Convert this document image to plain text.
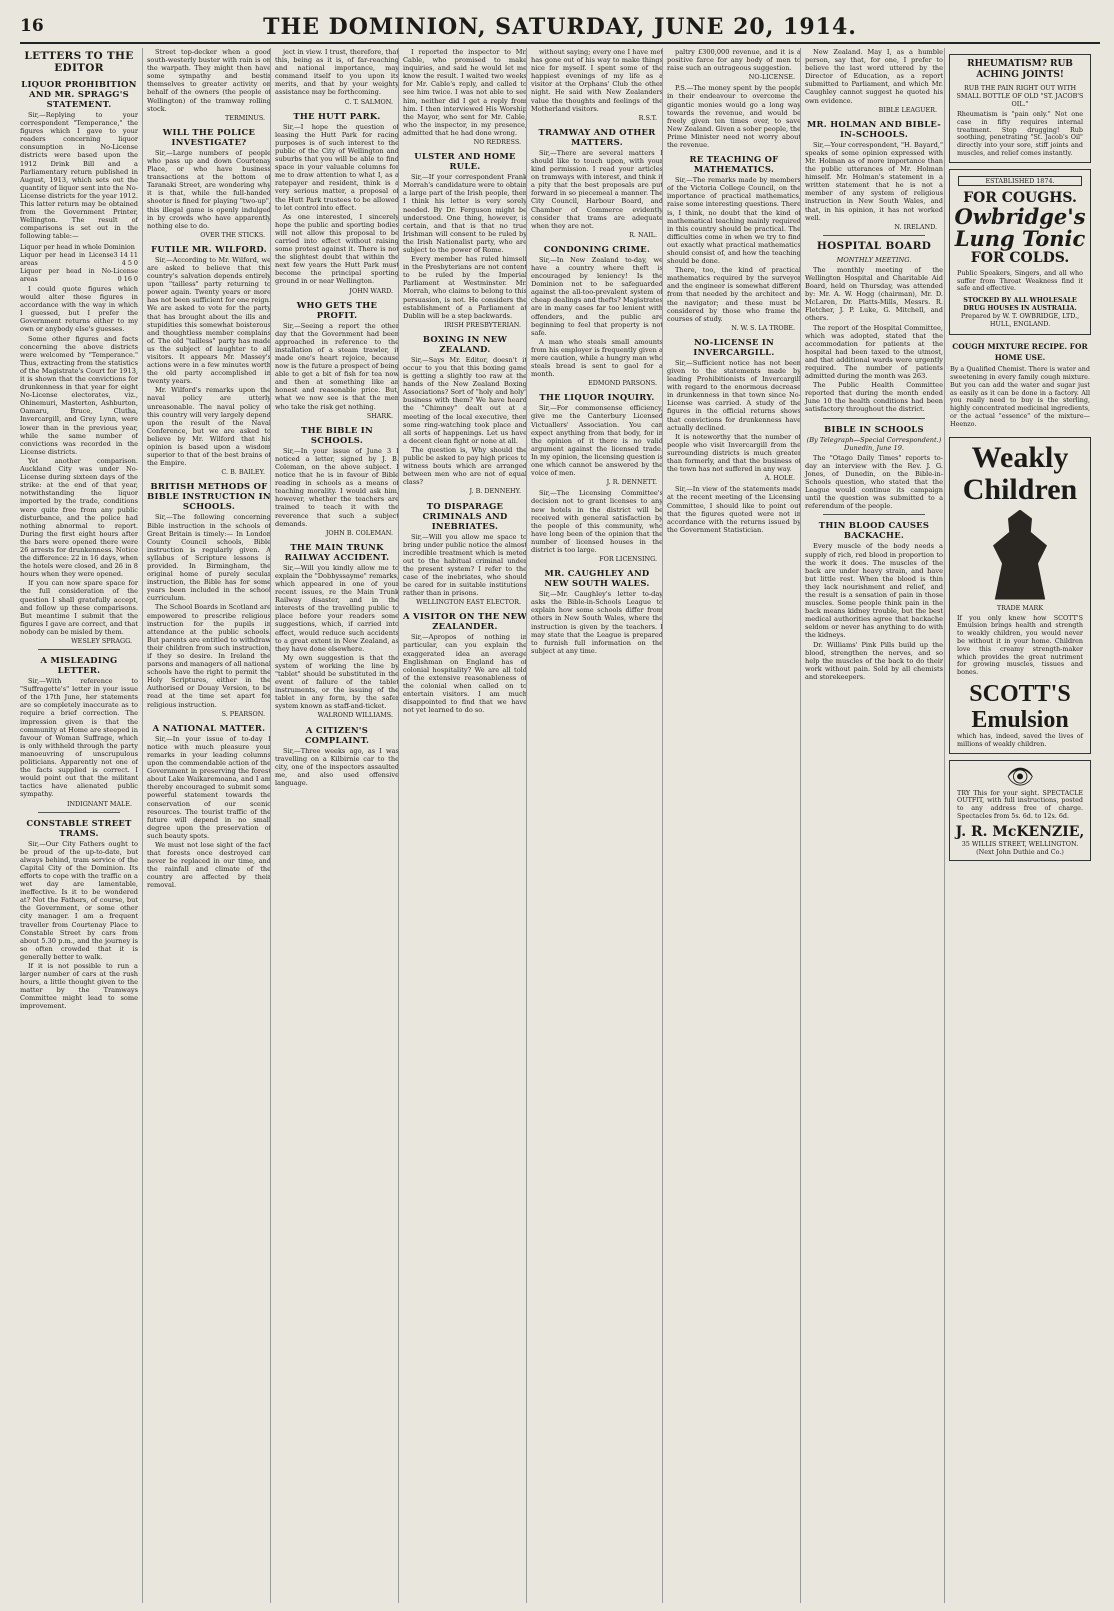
16	THE DOMINION, SATURDAY, JUNE 20, 1914.
LETTERS TO THE EDITOR
LIQUOR PROHIBITION AND MR. SPRAGG'S STATEMENT.

Sir,—Replying to your correspondent "Temperance," the figures which I gave to your readers concerning liquor consumption in No-License districts were based upon the 1912 Drink Bill and a Parliamentary return published in August, 1913, which sets out the quantity of liquor sent into the No-License districts for the year 1912. This latter return may be obtained from the Government Printer, Wellington. The result of comparisons is set out in the following table:—

Liquor per head in whole Dominion
3 14 11
Liquor per head in License areas	4 5 0
Liquor per head in No-License areas	0 16 0

I could quote figures which would alter these figures in accordance with the way in which I guessed, but I prefer the Government returns either to my own or anybody else's guesses.

Some other figures and facts concerning the above districts were welcomed by "Temperance." Thus, extracting from the statistics of the Magistrate's Court for 1913, it is shown that the convictions for drunkenness in that year for eight No-License electorates, viz., Ohinemuri, Masterton, Ashburton, Oamaru, Bruce, Clutha, Invercargill, and Grey Lynn, were lower than in the previous year, while the same number of convictions was recorded in the License districts.

Yet another comparison. Auckland City was under No-License during sixteen days of the strike: at the end of that year, notwithstanding the liquor imported by the trade, conditions were quite free from any public disturbance, and the police had nothing abnormal to report. During the first eight hours after the bars were opened there were 26 arrests for drunkenness. Notice the difference: 22 in 16 days, when the hotels were closed, and 26 in 8 hours when they were opened.

If you can now spare space for the full consideration of the question I shall gratefully accept, and follow up these comparisons. But meantime I submit that the figures I gave are correct, and that nobody can be misled by them.

WESLEY SPRAGG.
A MISLEADING LETTER.

Sir,—With reference to "Suffragette's" letter in your issue of the 17th June, her statements are so completely inaccurate as to require a brief correction. The impression given is that the community at Home are steeped in favour of Woman Suffrage, which is only withheld through the party manoeuvring of unscrupulous politicians. Apparently not one of the facts supplied is correct. I would point out that the militant tactics have alienated public sympathy.

INDIGNANT MALE.
CONSTABLE STREET TRAMS.

Sir,—Our City Fathers ought to be proud of the up-to-date, but always behind, tram service of the Capital City of the Dominion. Its efforts to cope with the traffic on a wet day are lamentable, ineffective. Is it to be wondered at? Not the Fathers, of course, but the Government, or some other city manager. I am a frequent traveller from Courtenay Place to Constable Street by cars from about 5.30 p.m., and the journey is so often crowded that it is generally better to walk.

If it is not possible to run a larger number of cars at the rush hours, a little thought given to the matter by the Tramways Committee might lead to some improvement.

Street top-decker when a good south-westerly buster with rain is on the warpath. They might then have some sympathy and bestir themselves to greater activity on behalf of the owners (the people of Wellington) of the tramway rolling stock.

TERMINUS.
WILL THE POLICE INVESTIGATE?

Sir,—Large numbers of people who pass up and down Courtenay Place, or who have business transactions at the bottom of Taranaki Street, are wondering why it is that, while the full-handed shooter is fined for playing "two-up", this illegal game is openly indulged in by crowds who have apparently nothing else to do.

OVER THE STICKS.
FUTILE MR. WILFORD.

Sir,—According to Mr. Wilford, we are asked to believe that this country's salvation depends entirely upon "tailless" party returning to power again. Twenty years or more has not been sufficient for one reign. We are asked to vote for the party that has brought about the ills and stupidities this somewhat boisterous and thoughtless member complains of. The old "tailless" party has made us the subject of laughter to all visitors. It appears Mr. Massey's actions were in a few minutes worth the old party accomplished in twenty years.

Mr. Wilford's remarks upon the naval policy are utterly unreasonable. The naval policy of this country will very largely depend upon the result of the Naval Conference, but we are asked to believe by Mr. Wilford that his opinion is based upon a wisdom superior to that of the best brains of the Empire.

C. B. BAILEY.
BRITISH METHODS OF BIBLE INSTRUCTION IN SCHOOLS.

Sir,—The following concerning Bible instruction in the schools of Great Britain is timely:— In London County Council schools, Bible instruction is regularly given. A syllabus of Scripture lessons is provided. In Birmingham, the original home of purely secular instruction, the Bible has for some years been included in the school curriculum.

The School Boards in Scotland are empowered to prescribe religious instruction for the pupils in attendance at the public schools. But parents are entitled to withdraw their children from such instruction, if they so desire. In Ireland the parsons and managers of all national schools have the right to permit the Holy Scriptures, either in the Authorised or Douay Version, to be read at the time set apart for religious instruction.

S. PEARSON.
A NATIONAL MATTER.

Sir,—In your issue of to-day I notice with much pleasure your remarks in your leading columns upon the commendable action of the Government in preserving the forest about Lake Waikaremoana, and I am thereby encouraged to submit some powerful statement towards the conservation of our scenic resources. The tourist traffic of the future will depend in no small degree upon the preservation of such beauty spots.

We must not lose sight of the fact that forests once destroyed can never be replaced in our time, and the rainfall and climate of the country are affected by their removal.

ject in view. I trust, therefore, that this, being as it is, of far-reaching and national importance, may command itself to you upon its merits, and that by your weighty assistance may be forthcoming.

C. T. SALMON.
THE HUTT PARK.

Sir,—I hope the question of leasing the Hutt Park for racing purposes is of such interest to the public of the City of Wellington and suburbs that you will be able to find space in your valuable columns for me to draw attention to what I, as a ratepayer and resident, think is a very serious matter, a proposal of the Hutt Park trustees to be allowed to let control into effect.

As one interested, I sincerely hope the public and sporting bodies will not allow this proposal to be carried into effect without raising some protest against it. There is not the slightest doubt that within the next few years the Hutt Park must become the principal sporting ground in or near Wellington.

JOHN WARD.
WHO GETS THE PROFIT.

Sir,—Seeing a report the other day that the Government had been approached in reference to the installation of a steam trawler, it made one's heart rejoice, because now is the future a prospect of being able to get a bit of fish for tea now and then at something like an honest and reasonable price. But, what we now see is that the men who take the risk get nothing.

SHARK.
THE BIBLE IN SCHOOLS.

Sir,—In your issue of June 3 I noticed a letter, signed by J. B. Coleman, on the above subject. I notice that he is in favour of Bible reading in schools as a means of teaching morality. I would ask him, however, whether the teachers are trained to teach it with the reverence that such a subject demands.

JOHN B. COLEMAN.
THE MAIN TRUNK RAILWAY ACCIDENT.

Sir,—Will you kindly allow me to explain the "Dobbyssayme" remarks, which appeared in one of your recent issues, re the Main Trunk Railway disaster, and in the interests of the travelling public to place before your readers some suggestions, which, if carried into effect, would reduce such accidents to a great extent in New Zealand, as they have done elsewhere.

My own suggestion is that the system of working the line by "tablet" should be substituted in the event of failure of the tablet instruments, or the issuing of the tablet in any form, by the safer system known as staff-and-ticket.

WALROND WILLIAMS.
A CITIZEN'S COMPLAINT.

Sir,—Three weeks ago, as I was travelling on a Kilbirnie car to the city, one of the inspectors assaulted me, and also used offensive language.

I reported the inspector to Mr. Cable, who promised to make inquiries, and said he would let me know the result. I waited two weeks for Mr. Cable's reply, and called to see him twice. I was not able to see him, neither did I get a reply from him. I then interviewed His Worship the Mayor, who sent for Mr. Cable, who the inspector, in my presence, admitted that he had done wrong.

NO REDRESS.
ULSTER AND HOME RULE.

Sir,—If your correspondent Frank Morrah's candidature were to obtain a large part of the Irish people, then I think his letter is very sorely needed. By Dr. Ferguson might be understood. One thing, however, is certain, and that is that no true Irishman will consent to be ruled by the Irish Nationalist party, who are subject to the power of Rome.

Every member has ruled himself in the Presbyterians are not content to be ruled by the Imperial Parliament at Westminster. Mr. Morrah, who claims to belong to this persuasion, is not. He considers the establishment of a Parliament at Dublin will be a step backwards.

IRISH PRESBYTERIAN.
BOXING IN NEW ZEALAND.

Sir,—Says Mr. Editor, doesn't it occur to you that this boxing game is getting a slightly too raw at the hands of the New Zealand Boxing Associations? Sort of "holy and holy" business with them? We have heard the "Chimney" dealt out at a meeting of the local executive, then some ring-watching took place and all sorts of happenings. Let us have a decent clean fight or none at all.

The question is, Why should the public be asked to pay high prices to witness bouts which are arranged between men who are not of equal class?

J. B. DENNEHY.
TO DISPARAGE CRIMINALS AND INEBRIATES.

Sir,—Will you allow me space to bring under public notice the almost incredible treatment which is meted out to the habitual criminal under the present system? I refer to the case of the inebriates, who should be cared for in suitable institutions rather than in prisons.

WELLINGTON EAST ELECTOR.
A VISITOR ON THE NEW ZEALANDER.

Sir,—Apropos of nothing in particular, can you explain the exaggerated idea an average Englishman on England has of colonial hospitality? We are all told of the extensive reasonableness of the colonial when called on to entertain visitors. I am much disappointed to find that we have not yet learned to do so.

without saying; every one I have met has gone out of his way to make things nice for myself. I spent some of the happiest evenings of my life as a visitor at the Orphans' Club the other night. He said with New Zealanders value the thoughts and feelings of the Motherland visitors.

R.S.T.
TRAMWAY AND OTHER MATTERS.

Sir,—There are several matters I should like to touch upon, with your kind permission. I read your articles on tramways with interest, and think it a pity that the best proposals are put forward in so piecemeal a manner. The City Council, Harbour Board, and Chamber of Commerce evidently consider that trams are adequate when they are not.

R. NAIL.
CONDONING CRIME.

Sir,—In New Zealand to-day, we have a country where theft is encouraged by leniency! Is the Dominion not to be safeguarded against the all-too-prevalent system of cheap dealings and thefts? Magistrates are in many cases far too lenient with offenders, and the public are beginning to feel that property is not safe.

A man who steals small amounts from his employer is frequently given a mere caution, while a hungry man who steals bread is sent to gaol for a month.

EDMOND PARSONS.
THE LIQUOR INQUIRY.

Sir,—For commonsense efficiency, give me the Canterbury Licensed Victuallers' Association. You can expect anything from that body, for in the opinion of it there is no valid argument against the licensed trade. In my opinion, the licensing question is one which cannot be answered by the voice of men.

J. R. DENNETT.

Sir,—The Licensing Committee's decision not to grant licenses to any new hotels in the district will be received with general satisfaction by the people of this community, who have long been of the opinion that the number of licensed houses in the district is too large.

FOR LICENSING.
MR. CAUGHLEY AND NEW SOUTH WALES.

Sir,—Mr. Caughley's letter to-day asks the Bible-in-Schools League to explain how some schools differ from others in New South Wales, where the instruction is given by the teachers. I may state that the League is prepared to furnish full information on the subject at any time.

paltry £300,000 revenue, and it is a positive farce for any body of men to raise such an outrageous suggestion.

NO-LICENSE.

P.S.—The money spent by the people in their endeavour to overcome the gigantic monies would go a long way towards the revenue, and would be freely given ten times over, to save New Zealand. Given a sober people, the Prime Minister need not worry about the revenue.

RE TEACHING OF MATHEMATICS.

Sir,—The remarks made by members of the Victoria College Council, on the importance of practical mathematics, raise some interesting questions. There is, I think, no doubt that the kind of mathematical teaching mainly required in this country should be practical. The difficulties come in when we try to find out exactly what practical mathematics should consist of, and how the teaching should be done.

There, too, the kind of practical mathematics required by the surveyor and the engineer is somewhat different from that needed by the architect and the navigator; and these must be considered by those who frame the courses of study.

N. W. S. LA TROBE.
NO-LICENSE IN INVERCARGILL.

Sir,—Sufficient notice has not been given to the statements made by leading Prohibitionists of Invercargill with regard to the enormous decrease in drunkenness in that town since No-License was carried. A study of the figures in the official returns shows that convictions for drunkenness have actually declined.

It is noteworthy that the number of people who visit Invercargill from the surrounding districts is much greater than formerly, and that the business of the town has not suffered in any way.

A. HOLE.

Sir,—In view of the statements made at the recent meeting of the Licensing Committee, I should like to point out that the figures quoted were not in accordance with the returns issued by the Government Statistician.

New Zealand. May I, as a humble person, say that, for one, I prefer to believe the last word uttered by the Director of Education, as a report submitted to Parliament, and which Mr. Caughley cannot suggest he quoted his own evidence.

BIBLE LEAGUER.
MR. HOLMAN AND BIBLE-IN-SCHOOLS.

Sir,—Your correspondent, "H. Bayard," speaks of some opinion expressed with Mr. Holman as of more importance than the public utterances of Mr. Holman himself. Mr. Holman's statement in a written statement that he is not a member of any system of religious instruction in New South Wales, and that, in his opinion, it has not worked well.

N. IRELAND.
HOSPITAL BOARD
MONTHLY MEETING.

The monthly meeting of the Wellington Hospital and Charitable Aid Board, held on Thursday, was attended by: Mr. A. W. Hogg (chairman), Mr. D. McLaren, Dr. Platts-Mills, Messrs. R. Fletcher, J. P. Luke, G. Mitchell, and others.

The report of the Hospital Committee, which was adopted, stated that the accommodation for patients at the hospital had been taxed to the utmost, and that additional wards were urgently required. The number of patients admitted during the month was 263.

The Public Health Committee reported that during the month ended June 10 the health conditions had been satisfactory throughout the district.

BIBLE IN SCHOOLS
(By Telegraph—Special Correspondent.) Dunedin, June 19.

The "Otago Daily Times" reports to-day an interview with the Rev. J. G. Jones, of Dunedin, on the Bible-in-Schools question, who stated that the League would continue its campaign until the question was submitted to a referendum of the people.

THIN BLOOD CAUSES BACKACHE.

Every muscle of the body needs a supply of rich, red blood in proportion to the work it does. The muscles of the back are under heavy strain, and have but little rest. When the blood is thin they lack nourishment and relief, and the result is a sensation of pain in those muscles. Some people think pain in the back means kidney trouble, but the best medical authorities agree that backache seldom or never has anything to do with the kidneys.

Dr. Williams' Pink Pills build up the blood, strengthen the nerves, and so help the muscles of the back to do their work without pain. Sold by all chemists and storekeepers.

RHEUMATISM? RUB ACHING JOINTS!
RUB THE PAIN RIGHT OUT WITH SMALL BOTTLE OF OLD "ST. JACOB'S OIL."
Rheumatism is "pain only." Not one case in fifty requires internal treatment. Stop drugging! Rub soothing, penetrating "St. Jacob's Oil" directly into your sore, stiff joints and muscles, and relief comes instantly.
ESTABLISHED 1874.
FOR COUGHS.
Owbridge's Lung Tonic
FOR COLDS.
Public Speakers, Singers, and all who suffer from Throat Weakness find it safe and effective.
STOCKED BY ALL WHOLESALE DRUG HOUSES IN AUSTRALIA.
Prepared by W. T. OWBRIDGE, LTD., HULL, ENGLAND.
COUGH MIXTURE RECIPE. FOR HOME USE.
By a Qualified Chemist. There is water and sweetening in every family cough mixture. But you can add the water and sugar just as easily as it can be done in a factory. All you really need to buy is the sterling, highly concentrated medicinal ingredients, or the actual "essence" of the mixture—Heenzo.
Weakly Children
TRADE MARK
If you only knew how SCOTT'S Emulsion brings health and strength to weakly children, you would never be without it in your home. Children love this creamy strength-maker which provides the great nutriment for growing muscles, tissues and bones.
SCOTT'S Emulsion
which has, indeed, saved the lives of millions of weakly children.
👁
TRY This for your sight. SPECTACLE OUTFIT, with full instructions, posted to any address free of charge. Spectacles from 5s. 6d. to 12s. 6d.
J. R. McKENZIE,
35 WILLIS STREET, WELLINGTON.
(Next John Duthie and Co.)
